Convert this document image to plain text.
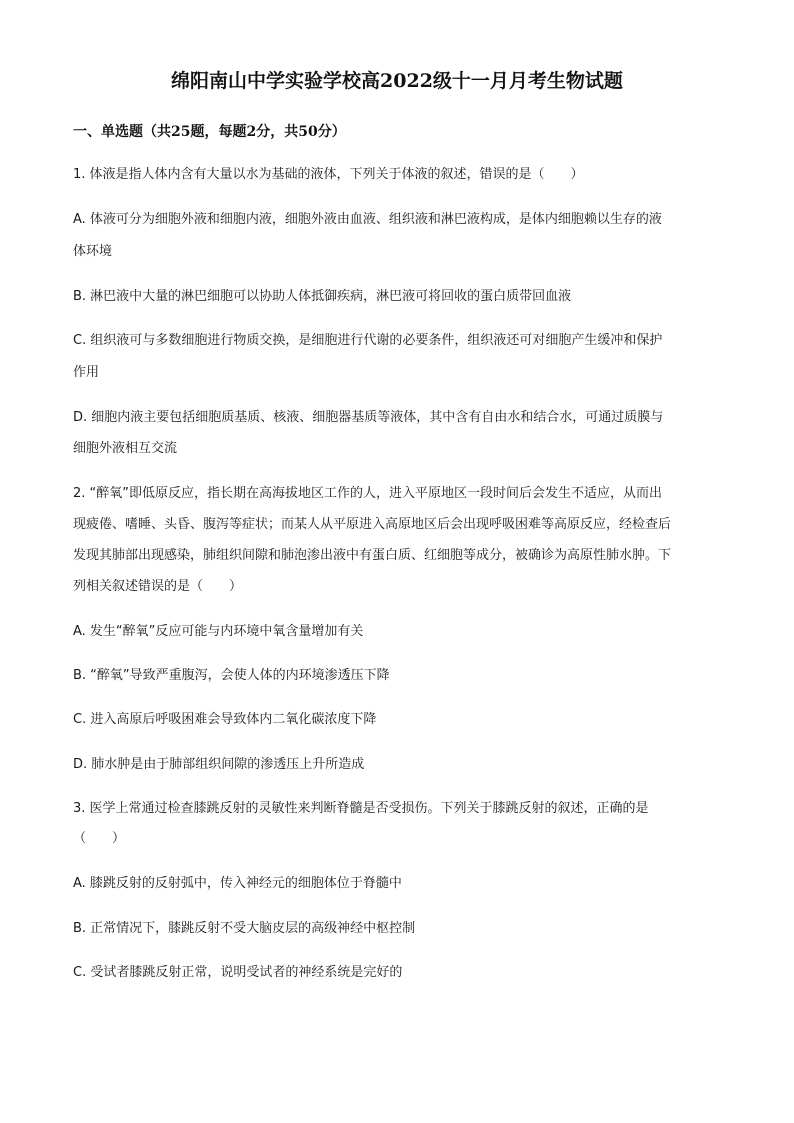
绵阳南山中学实验学校高2022级十一月月考生物试题
一、单选题（共25题，每题2分，共50分）
1. 体液是指人体内含有大量以水为基础的液体，下列关于体液的叙述，错误的是（　　）
A. 体液可分为细胞外液和细胞内液，细胞外液由血液、组织液和淋巴液构成，是体内细胞赖以生存的液
体环境
B. 淋巴液中大量的淋巴细胞可以协助人体抵御疾病，淋巴液可将回收的蛋白质带回血液
C. 组织液可与多数细胞进行物质交换，是细胞进行代谢的必要条件，组织液还可对细胞产生缓冲和保护
作用
D. 细胞内液主要包括细胞质基质、核液、细胞器基质等液体，其中含有自由水和结合水，可通过质膜与
细胞外液相互交流
2. “醉氧”即低原反应，指长期在高海拔地区工作的人，进入平原地区一段时间后会发生不适应，从而出
现疲倦、嗜睡、头昏、腹泻等症状；而某人从平原进入高原地区后会出现呼吸困难等高原反应，经检查后
发现其肺部出现感染，肺组织间隙和肺泡渗出液中有蛋白质、红细胞等成分，被确诊为高原性肺水肿。下
列相关叙述错误的是（　　）
A. 发生“醉氧”反应可能与内环境中氧含量增加有关
B. “醉氧”导致严重腹泻，会使人体的内环境渗透压下降
C. 进入高原后呼吸困难会导致体内二氧化碳浓度下降
D. 肺水肿是由于肺部组织间隙的渗透压上升所造成
3. 医学上常通过检查膝跳反射的灵敏性来判断脊髓是否受损伤。下列关于膝跳反射的叙述，正确的是
（　　）
A. 膝跳反射的反射弧中，传入神经元的细胞体位于脊髓中
B. 正常情况下，膝跳反射不受大脑皮层的高级神经中枢控制
C. 受试者膝跳反射正常，说明受试者的神经系统是完好的
